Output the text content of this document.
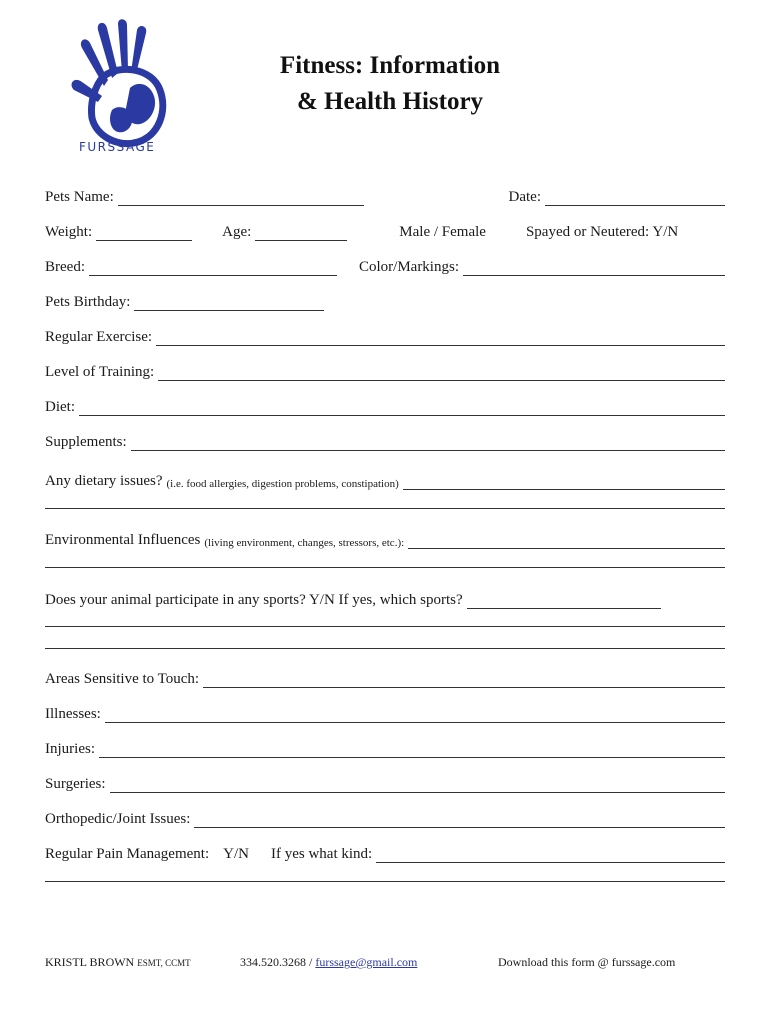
FURSSAGE
Fitness: Information
& Health History
Pets Name:	Date:
Weight:	Age:	Male / Female	Spayed or Neutered: Y/N
Breed:	Color/Markings:
Pets Birthday:
Regular Exercise:
Level of Training:
Diet:
Supplements:
Any dietary issues? (i.e. food allergies, digestion problems, constipation)
Environmental Influences (living environment, changes, stressors, etc.):
Does your animal participate in any sports? Y/N If yes, which sports?
Areas Sensitive to Touch:
Illnesses:
Injuries:
Surgeries:
Orthopedic/Joint Issues:
Regular Pain Management: Y/N If yes what kind:
KRISTL BROWN ESMT, CCMT	334.520.3268 / furssage@gmail.com	Download this form @ furssage.com
